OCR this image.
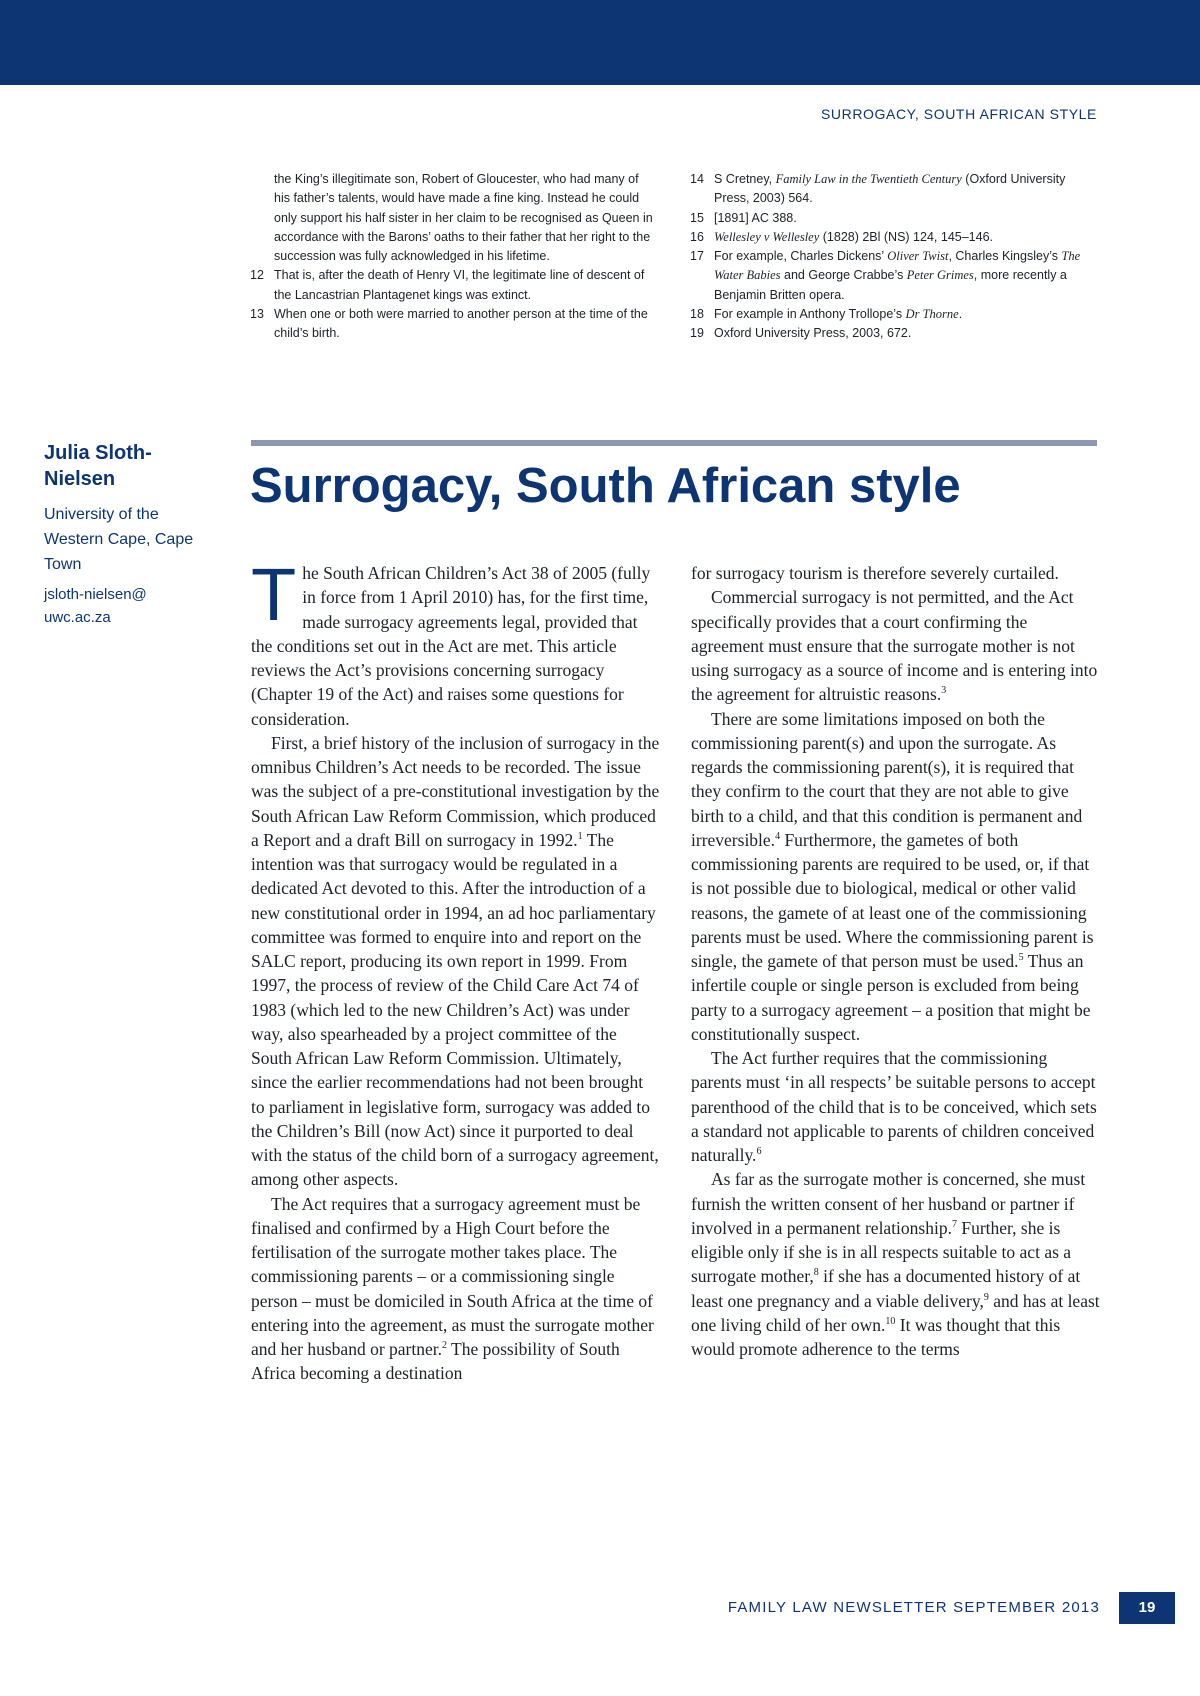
SURROGACY, SOUTH AFRICAN STYLE

the King’s illegitimate son, Robert of Gloucester, who had many of his father’s talents, would have made a fine king. Instead he could only support his half sister in her claim to be recognised as Queen in accordance with the Barons’ oaths to their father that her right to the succession was fully acknowledged in his lifetime.

12 That is, after the death of Henry VI, the legitimate line of descent of the Lancastrian Plantagenet kings was extinct.

13 When one or both were married to another person at the time of the child’s birth.

14 S Cretney, Family Law in the Twentieth Century (Oxford University Press, 2003) 564.

15 [1891] AC 388.

16 Wellesley v Wellesley (1828) 2Bl (NS) 124, 145–146.

17 For example, Charles Dickens’ Oliver Twist, Charles Kingsley’s The Water Babies and George Crabbe’s Peter Grimes, more recently a Benjamin Britten opera.

18 For example in Anthony Trollope’s Dr Thorne.

19 Oxford University Press, 2003, 672.

Julia Sloth-Nielsen

University of the Western Cape, Cape Town

jsloth-nielsen@
uwc.ac.za

Surrogacy, South African style

The South African Children’s Act 38 of 2005 (fully in force from 1 April 2010) has, for the first time, made surrogacy agreements legal, provided that the conditions set out in the Act are met. This article reviews the Act’s provisions concerning surrogacy (Chapter 19 of the Act) and raises some questions for consideration.

First, a brief history of the inclusion of surrogacy in the omnibus Children’s Act needs to be recorded. The issue was the subject of a pre-constitutional investigation by the South African Law Reform Commission, which produced a Report and a draft Bill on surrogacy in 1992.$^1$ The intention was that surrogacy would be regulated in a dedicated Act devoted to this. After the introduction of a new constitutional order in 1994, an ad hoc parliamentary committee was formed to enquire into and report on the SALC report, producing its own report in 1999. From 1997, the process of review of the Child Care Act 74 of 1983 (which led to the new Children’s Act) was under way, also spearheaded by a project committee of the South African Law Reform Commission. Ultimately, since the earlier recommendations had not been brought to parliament in legislative form, surrogacy was added to the Children’s Bill (now Act) since it purported to deal with the status of the child born of a surrogacy agreement, among other aspects.

The Act requires that a surrogacy agreement must be finalised and confirmed by a High Court before the fertilisation of the surrogate mother takes place. The commissioning parents – or a commissioning single person – must be domiciled in South Africa at the time of entering into the agreement, as must the surrogate mother and her husband or partner.$^2$ The possibility of South Africa becoming a destination

for surrogacy tourism is therefore severely curtailed.

Commercial surrogacy is not permitted, and the Act specifically provides that a court confirming the agreement must ensure that the surrogate mother is not using surrogacy as a source of income and is entering into the agreement for altruistic reasons.$^3$

There are some limitations imposed on both the commissioning parent(s) and upon the surrogate. As regards the commissioning parent(s), it is required that they confirm to the court that they are not able to give birth to a child, and that this condition is permanent and irreversible.$^4$ Furthermore, the gametes of both commissioning parents are required to be used, or, if that is not possible due to biological, medical or other valid reasons, the gamete of at least one of the commissioning parents must be used. Where the commissioning parent is single, the gamete of that person must be used.$^5$ Thus an infertile couple or single person is excluded from being party to a surrogacy agreement – a position that might be constitutionally suspect.

The Act further requires that the commissioning parents must ‘in all respects’ be suitable persons to accept parenthood of the child that is to be conceived, which sets a standard not applicable to parents of children conceived naturally.$^6$

As far as the surrogate mother is concerned, she must furnish the written consent of her husband or partner if involved in a permanent relationship.$^7$ Further, she is eligible only if she is in all respects suitable to act as a surrogate mother,$^8$ if she has a documented history of at least one pregnancy and a viable delivery,$^9$ and has at least one living child of her own.$^{10}$ It was thought that this would promote adherence to the terms

FAMILY LAW NEWSLETTER SEPTEMBER 2013	19
